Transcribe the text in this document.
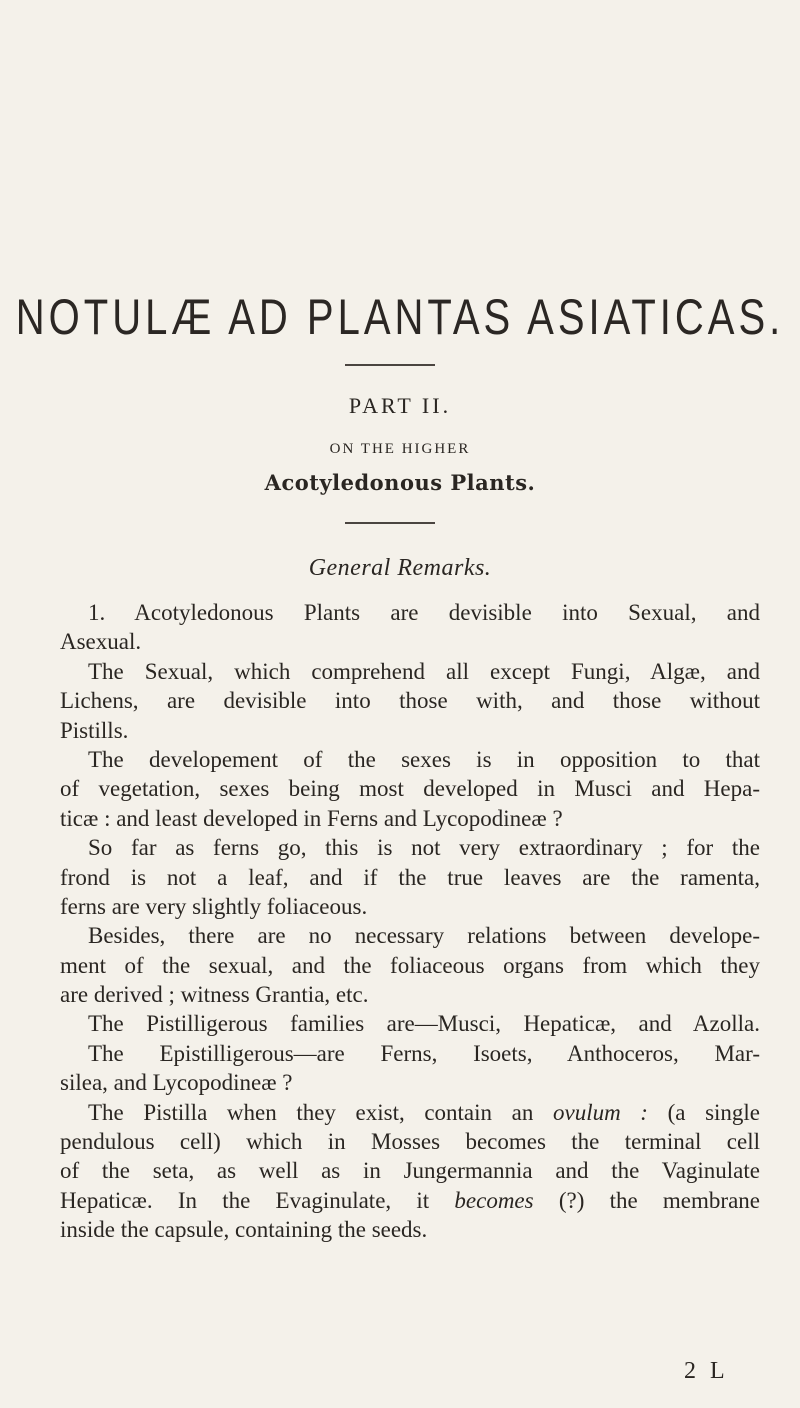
NOTULÆ AD PLANTAS ASIATICAS.
PART II.
ON THE HIGHER
Acotyledonous Plants.
General Remarks.
1. Acotyledonous Plants are devisible into Sexual, and
Asexual.
The Sexual, which comprehend all except Fungi, Algæ, and
Lichens, are devisible into those with, and those without
Pistills.
The developement of the sexes is in opposition to that
of vegetation, sexes being most developed in Musci and Hepa-
ticæ : and least developed in Ferns and Lycopodineæ ?
So far as ferns go, this is not very extraordinary ; for the
frond is not a leaf, and if the true leaves are the ramenta,
ferns are very slightly foliaceous.
Besides, there are no necessary relations between develope-
ment of the sexual, and the foliaceous organs from which they
are derived ; witness Grantia, etc.
The Pistilligerous families are—Musci, Hepaticæ, and Azolla.
The Epistilligerous—are Ferns, Isoets, Anthoceros, Mar-
silea, and Lycopodineæ ?
The Pistilla when they exist, contain an ovulum : (a single
pendulous cell) which in Mosses becomes the terminal cell
of the seta, as well as in Jungermannia and the Vaginulate
Hepaticæ. In the Evaginulate, it becomes (?) the membrane
inside the capsule, containing the seeds.
2 L
